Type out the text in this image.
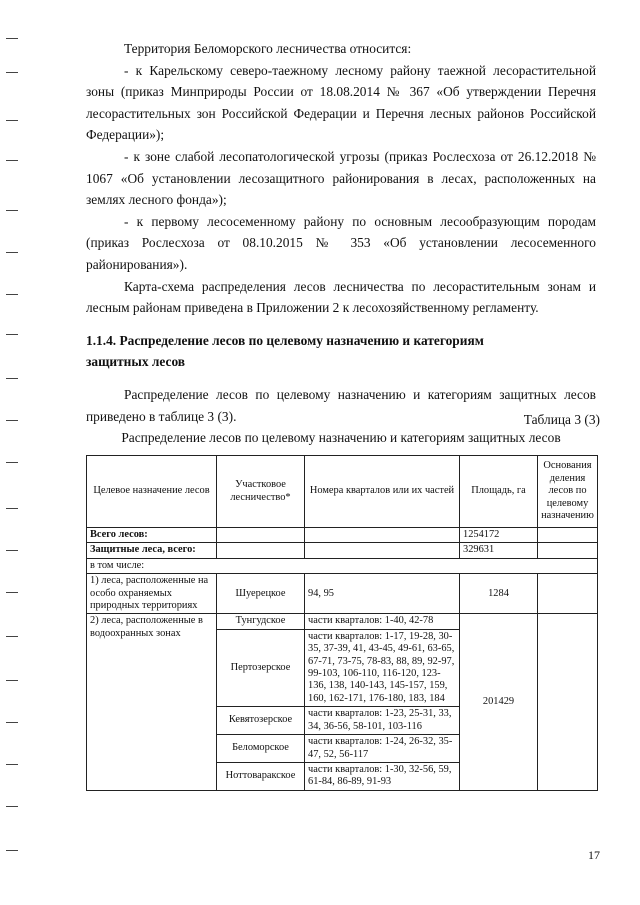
Территория Беломорского лесничества относится:

- к Карельскому северо-таежному лесному району таежной лесорастительной зоны (приказ Минприроды России от 18.08.2014 № 367 «Об утверждении Перечня лесорастительных зон Российской Федерации и Перечня лесных районов Российской Федерации»);

- к зоне слабой лесопатологической угрозы (приказ Рослесхоза от 26.12.2018 № 1067 «Об установлении лесозащитного районирования в лесах, расположенных на землях лесного фонда»);

- к первому лесосеменному району по основным лесообразующим породам (приказ Рослесхоза от 08.10.2015 № 353 «Об установлении лесосеменного районирования»).

Карта-схема распределения лесов лесничества по лесорастительным зонам и лесным районам приведена в Приложении 2 к лесохозяйственному регламенту.

1.1.4. Распределение лесов по целевому назначению и категориям

защитных лесов

Распределение лесов по целевому назначению и категориям защитных лесов приведено в таблице 3 (3).	Таблица 3 (3)
Распределение лесов по целевому назначению и категориям защитных лесов
Целевое назначение лесов	Участковое лесничество*	Номера кварталов или их частей	Площадь, га	Основания деления лесов по целевому назначению
Всего лесов:			1254172	
Защитные леса, всего:			329631	
в том числе:				
1) леса, расположенные на особо охраняемых природных территориях	Шуерецкое	94, 95	1284	
2) леса, расположенные в водоохранных зонах	Тунгудское	части кварталов: 1-40, 42-78	201429	
	Пертозерское	части кварталов: 1-17, 19-28, 30-35, 37-39, 41, 43-45, 49-61, 63-65, 67-71, 73-75, 78-83, 88, 89, 92-97, 99-103, 106-110, 116-120, 123-136, 138, 140-143, 145-157, 159, 160, 162-171, 176-180, 183, 184		
	Кевятозерское	части кварталов: 1-23, 25-31, 33, 34, 36-56, 58-101, 103-116		
	Беломорское	части кварталов: 1-24, 26-32, 35-47, 52, 56-117		
	Ноттоваракское	части кварталов: 1-30, 32-56, 59, 61-84, 86-89, 91-93		
17
